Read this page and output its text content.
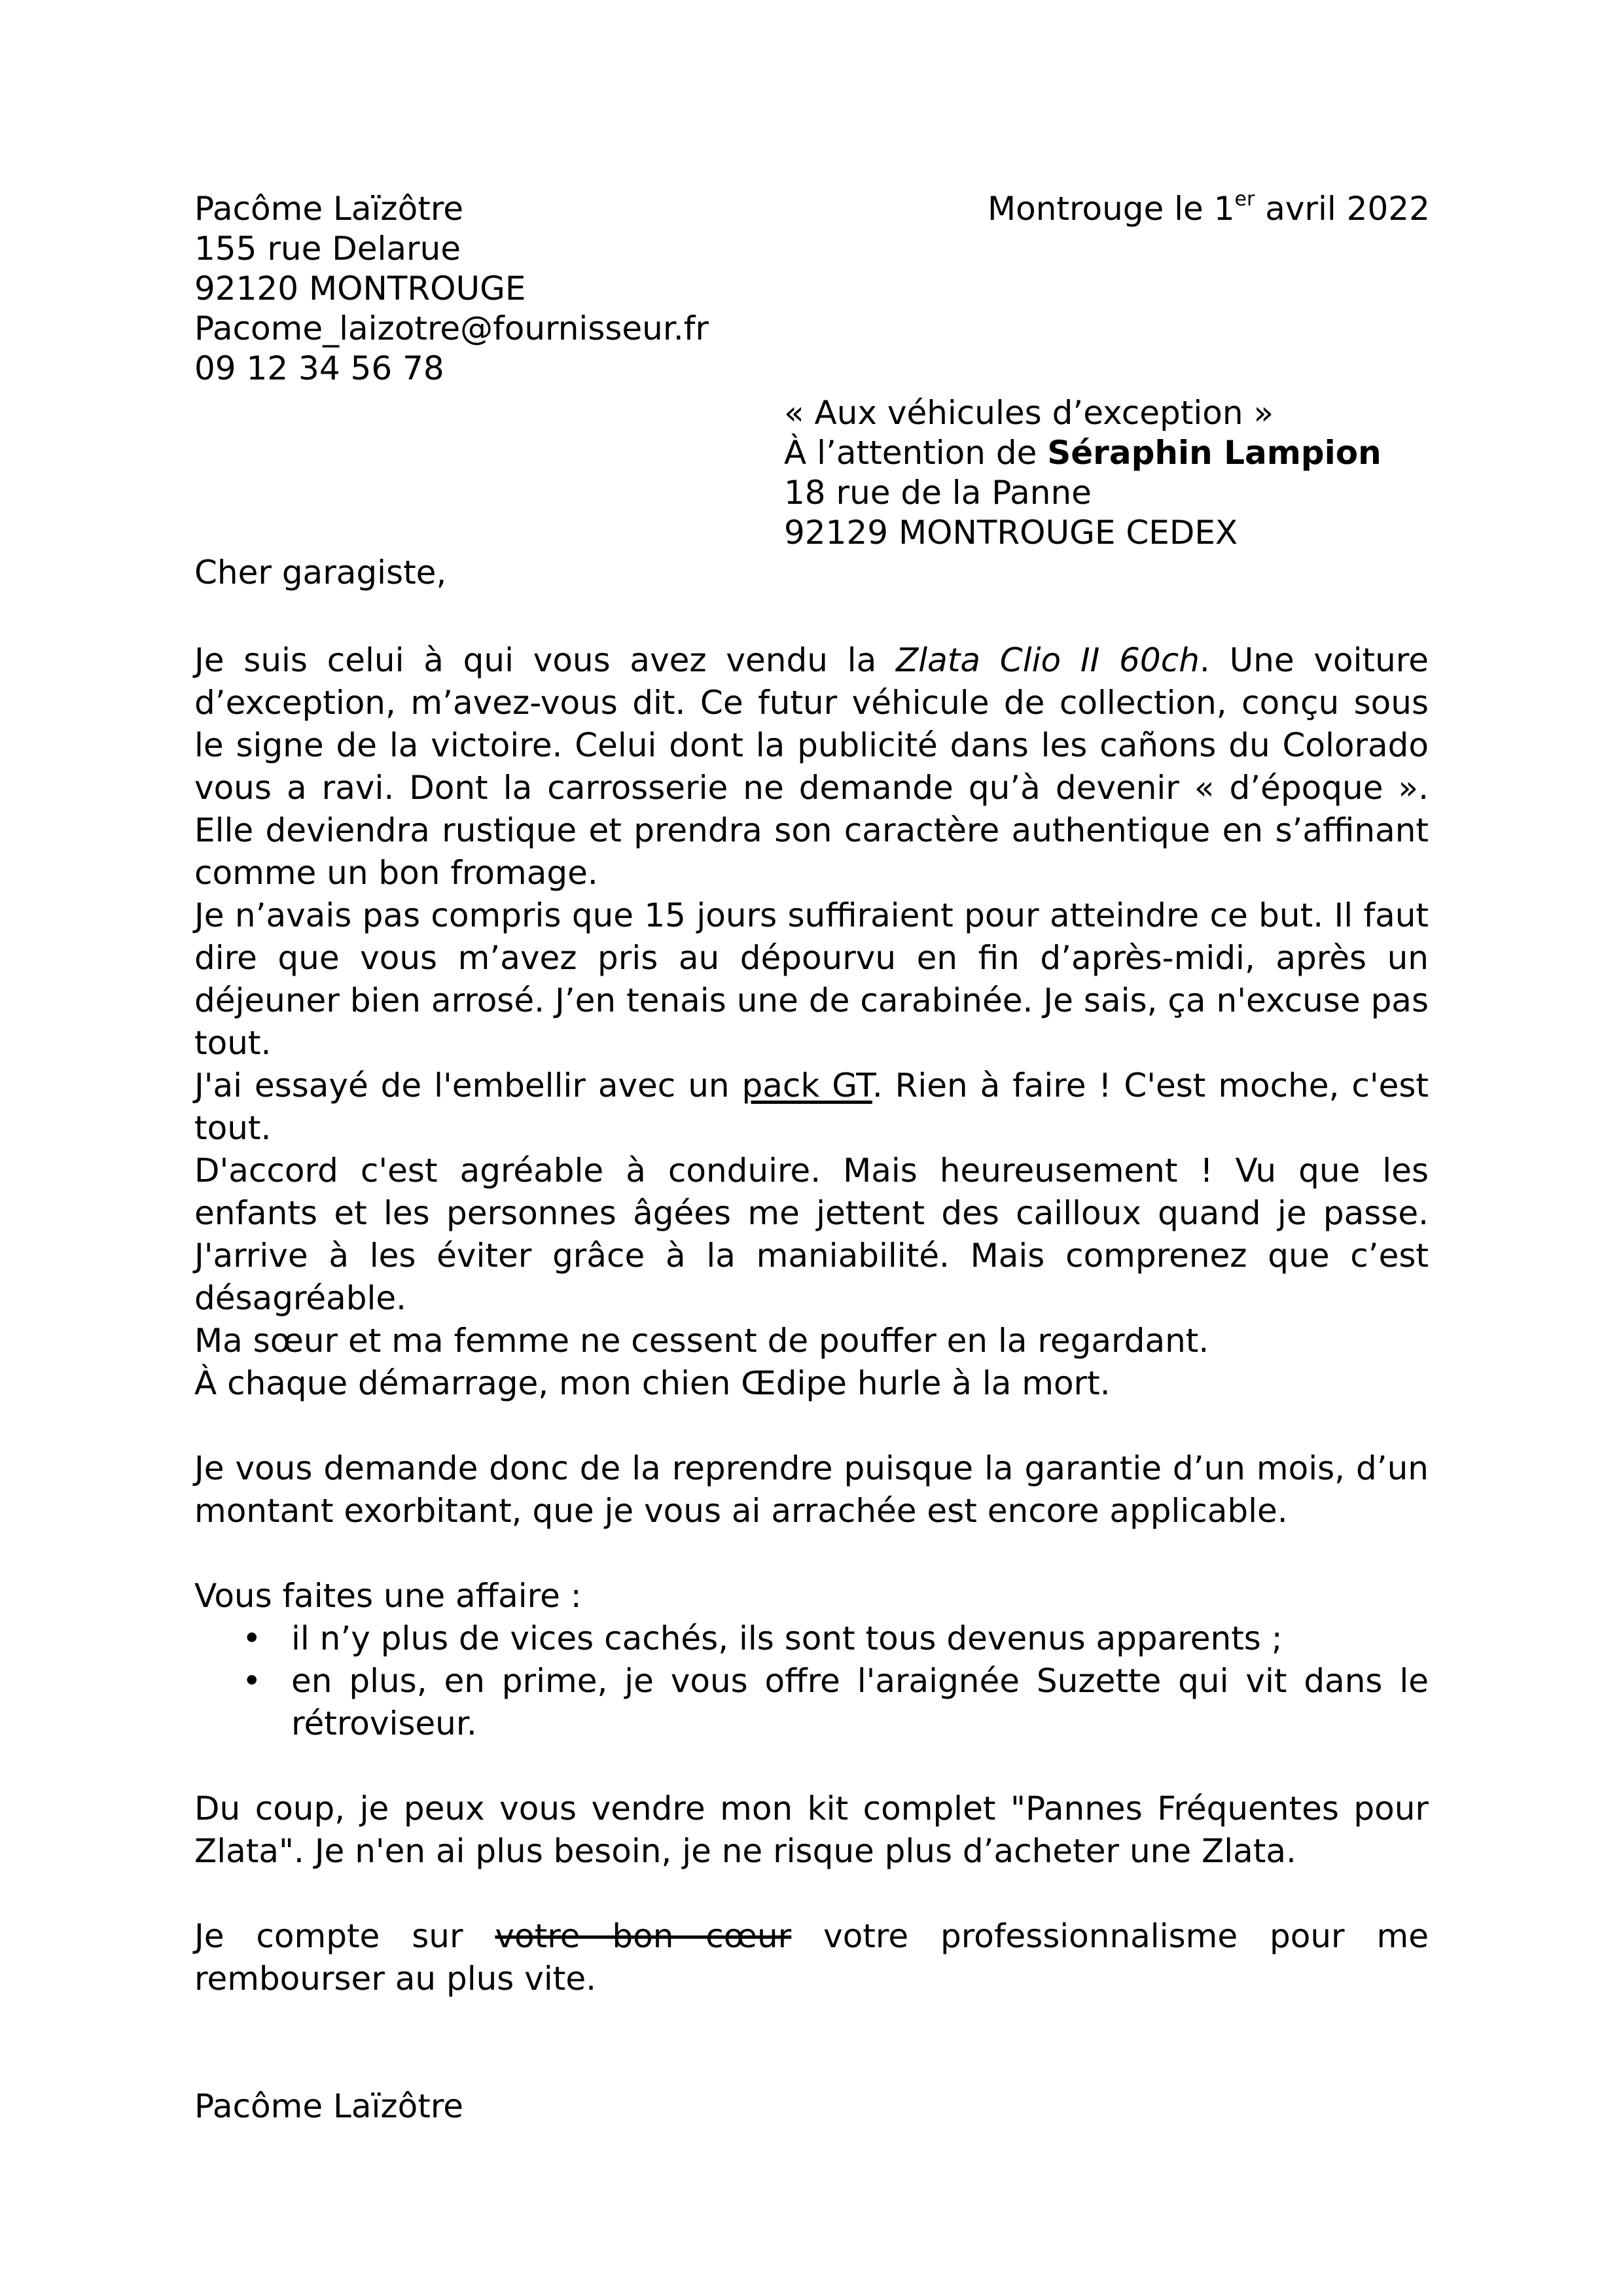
Pacôme Laïzôtre
155 rue Delarue
92120 MONTROUGE
Pacome_laizotre@fournisseur.fr
09 12 34 56 78
Montrouge le 1er avril 2022
« Aux véhicules d’exception »
À l’attention de Séraphin Lampion
18 rue de la Panne
92129 MONTROUGE CEDEX
Cher garagiste,

Je suis celui à qui vous avez vendu la Zlata Clio II 60ch. Une voiture d’exception, m’avez-vous dit. Ce futur véhicule de collection, conçu sous le signe de la victoire. Celui dont la publicité dans les cañons du Colorado vous a ravi. Dont la carrosserie ne demande qu’à devenir « d’époque ». Elle deviendra rustique et prendra son caractère authentique en s’affinant comme un bon fromage.

Je n’avais pas compris que 15 jours suffiraient pour atteindre ce but. Il faut dire que vous m’avez pris au dépourvu en fin d’après-midi, après un déjeuner bien arrosé. J’en tenais une de carabinée. Je sais, ça n'excuse pas tout.

J'ai essayé de l'embellir avec un pack GT. Rien à faire ! C'est moche, c'est tout.

D'accord c'est agréable à conduire. Mais heureusement ! Vu que les enfants et les personnes âgées me jettent des cailloux quand je passe. J'arrive à les éviter grâce à la maniabilité. Mais comprenez que c’est désagréable.

Ma sœur et ma femme ne cessent de pouffer en la regardant.

À chaque démarrage, mon chien Œdipe hurle à la mort.

Je vous demande donc de la reprendre puisque la garantie d’un mois, d’un montant exorbitant, que je vous ai arrachée est encore applicable.

Vous faites une affaire :

• il n’y plus de vices cachés, ils sont tous devenus apparents ;
• en plus, en prime, je vous offre l'araignée Suzette qui vit dans le rétroviseur.

Du coup, je peux vous vendre mon kit complet "Pannes Fréquentes pour Zlata". Je n'en ai plus besoin, je ne risque plus d’acheter une Zlata.

Je compte sur votre bon cœur votre professionnalisme pour me rembourser au plus vite.

Pacôme Laïzôtre
